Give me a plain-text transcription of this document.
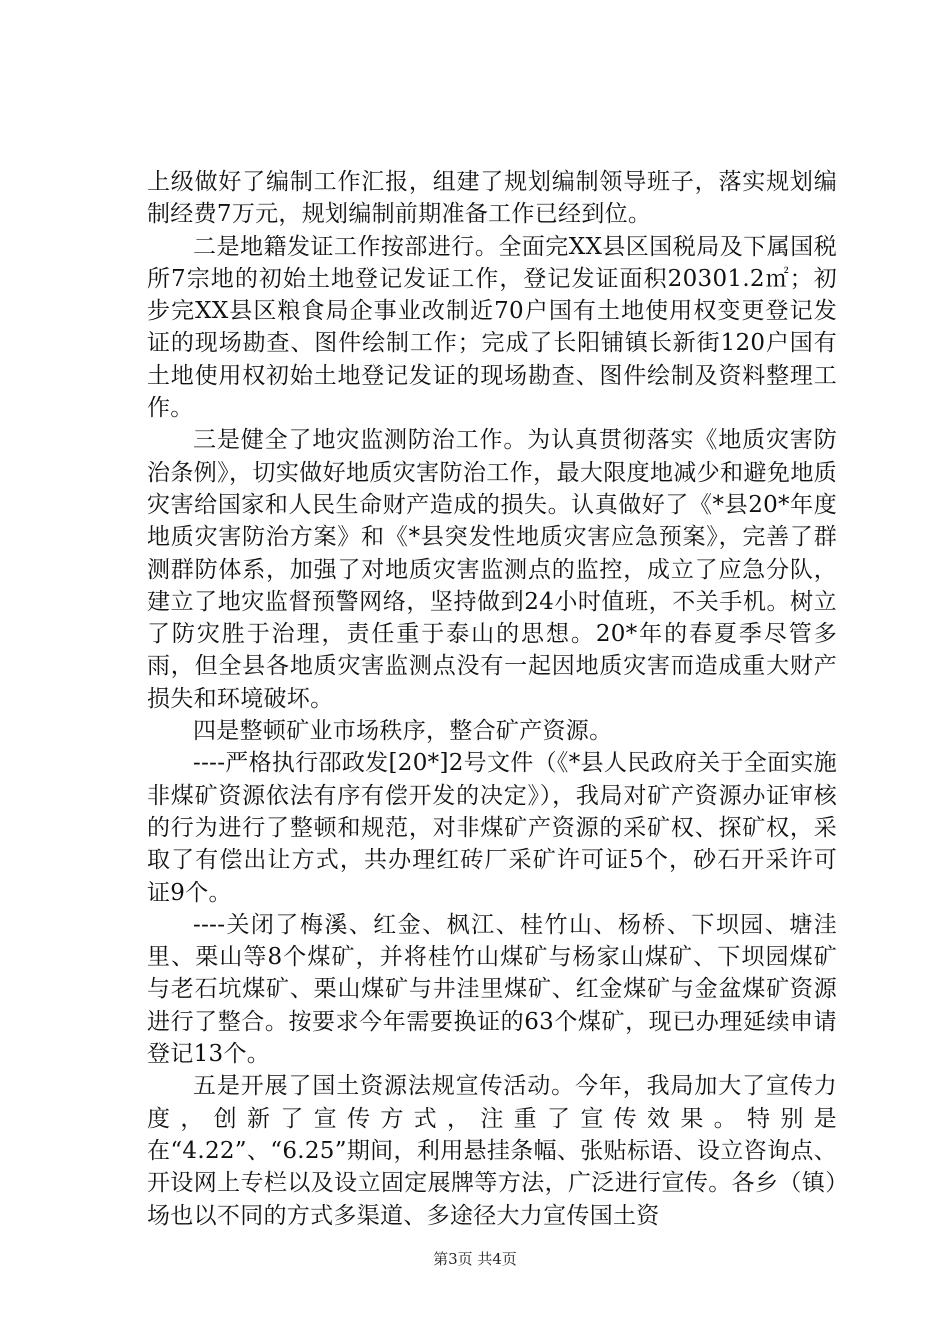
上级做好了编制工作汇报，组建了规划编制领导班子，落实规划编制经费7万元，规划编制前期准备工作已经到位。

二是地籍发证工作按部进行。全面完XX县区国税局及下属国税所7宗地的初始土地登记发证工作，登记发证面积20301.2㎡；初步完XX县区粮食局企事业改制近70户国有土地使用权变更登记发证的现场勘查、图件绘制工作；完成了长阳铺镇长新街120户国有土地使用权初始土地登记发证的现场勘查、图件绘制及资料整理工作。

三是健全了地灾监测防治工作。为认真贯彻落实《地质灾害防治条例》，切实做好地质灾害防治工作，最大限度地减少和避免地质灾害给国家和人民生命财产造成的损失。认真做好了《*县20*年度地质灾害防治方案》和《*县突发性地质灾害应急预案》，完善了群测群防体系，加强了对地质灾害监测点的监控，成立了应急分队，建立了地灾监督预警网络，坚持做到24小时值班，不关手机。树立了防灾胜于治理，责任重于泰山的思想。20*年的春夏季尽管多雨，但全县各地质灾害监测点没有一起因地质灾害而造成重大财产损失和环境破坏。

四是整顿矿业市场秩序，整合矿产资源。

----严格执行邵政发[20*]2号文件（《*县人民政府关于全面实施非煤矿资源依法有序有偿开发的决定》），我局对矿产资源办证审核的行为进行了整顿和规范，对非煤矿产资源的采矿权、探矿权，采取了有偿出让方式，共办理红砖厂采矿许可证5个，砂石开采许可证9个。

----关闭了梅溪、红金、枫江、桂竹山、杨桥、下坝园、塘洼里、栗山等8个煤矿，并将桂竹山煤矿与杨家山煤矿、下坝园煤矿与老石坑煤矿、栗山煤矿与井洼里煤矿、红金煤矿与金盆煤矿资源进行了整合。按要求今年需要换证的63个煤矿，现已办理延续申请登记13个。

五是开展了国土资源法规宣传活动。今年，我局加大了宣传力度，创新了宣传方式，注重了宣传效果。特别是在“4.22”、“6.25”期间，利用悬挂条幅、张贴标语、设立咨询点、开设网上专栏以及设立固定展牌等方法，广泛进行宣传。各乡（镇）场也以不同的方式多渠道、多途径大力宣传国土资

第3页 共4页
